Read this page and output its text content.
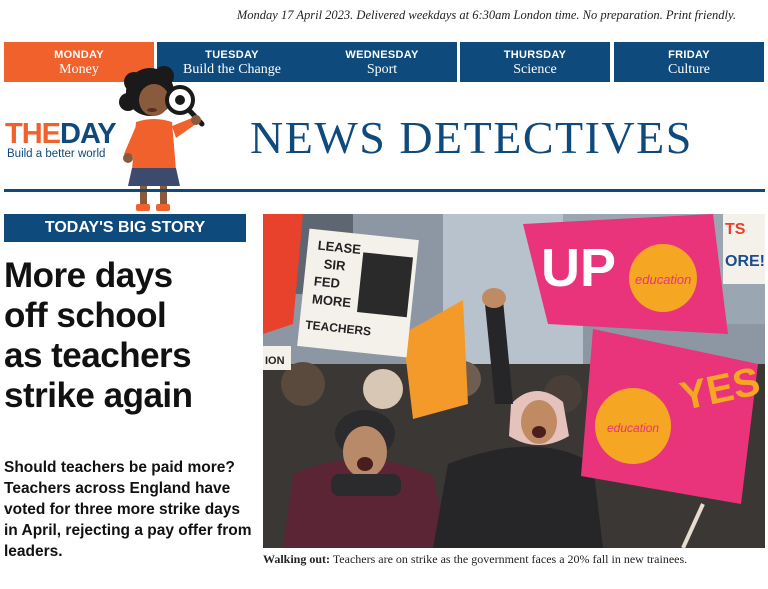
Monday 17 April 2023. Delivered weekdays at 6:30am London time. No preparation. Print friendly.
MONDAY
Money
TUESDAY
Build the Change
WEDNESDAY
Sport
THURSDAY
Science
FRIDAY
Culture
THEDAY
Build a better world	NEWS DETECTIVES
TODAY'S BIG STORY
More days
off school
as teachers
strike again

Should teachers be paid more? Teachers across England have voted for three more strike days in April, rejecting a pay offer from leaders.

LEASE
SIR
FED
MORE
TEACHERS
ION
UP education
TS
ORE!
education
YES

Walking out: Teachers are on strike as the government faces a 20% fall in new trainees.
